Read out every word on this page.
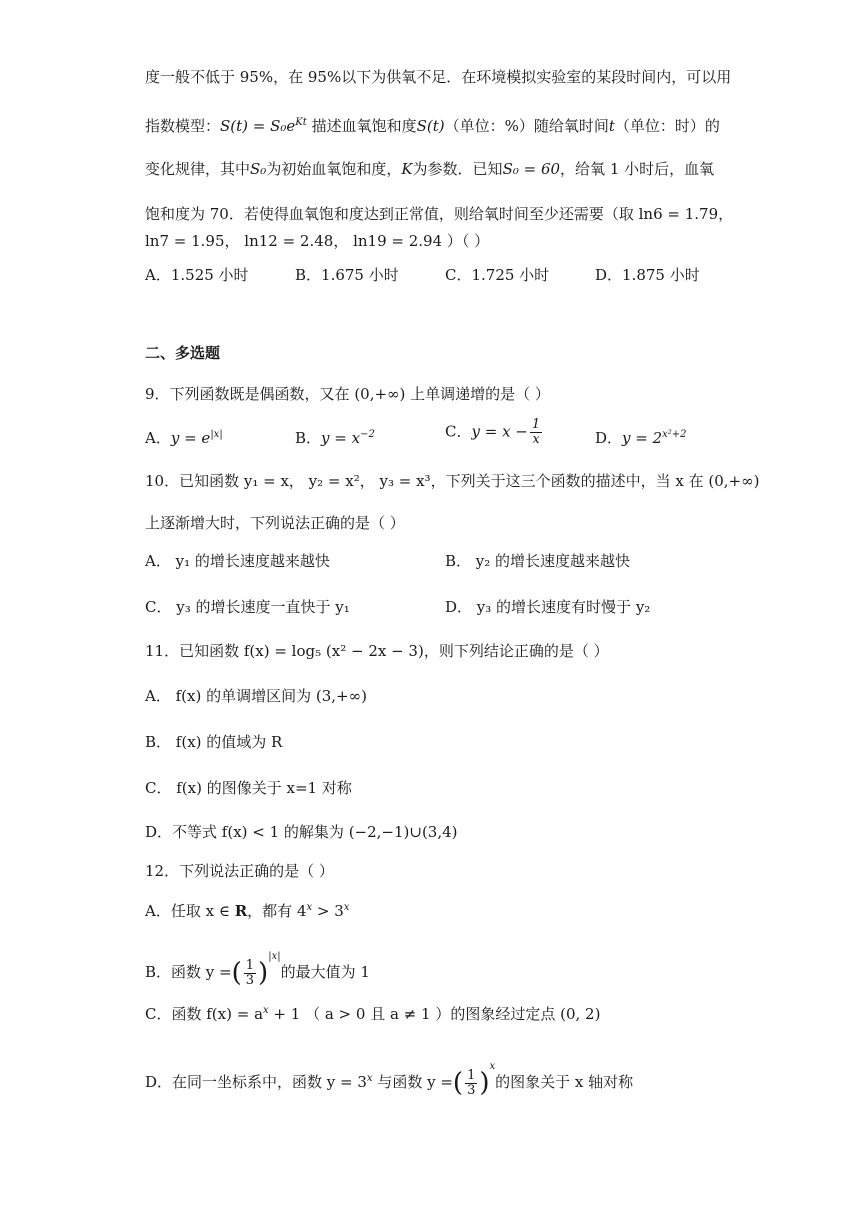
度一般不低于 95%，在 95%以下为供氧不足．在环境模拟实验室的某段时间内，可以用
指数模型：$S(t) = S_0e^{Kt}$ 描述血氧饱和度S(t)（单位：%）随给氧时间t（单位：时）的
变化规律，其中S₀为初始血氧饱和度，K为参数．已知S₀ = 60，给氧 1 小时后，血氧
饱和度为 70．若使得血氧饱和度达到正常值，则给氧时间至少还需要（取 ln6 = 1.79，
ln7 = 1.95， ln12 = 2.48， ln19 = 2.94 ）（ ）
A．1.525 小时	B．1.675 小时	C．1.725 小时	D．1.875 小时
二、多选题
9．下列函数既是偶函数，又在 (0,+∞) 上单调递增的是（ ）
A．$y = e^{|x|}$	B．$y = x^{-2}$	C．$y = x - \frac{1}{x}$	D．$y = 2^{x^2+2}$
10．已知函数 y₁ = x， y₂ = x²， y₃ = x³，下列关于这三个函数的描述中，当 x 在 (0,+∞)
上逐渐增大时，下列说法正确的是（ ）
A． y₁ 的增长速度越来越快	B． y₂ 的增长速度越来越快
C． y₃ 的增长速度一直快于 y₁	D． y₃ 的增长速度有时慢于 y₂
11．已知函数 f(x) = log₅ (x² − 2x − 3)，则下列结论正确的是（ ）
A． f(x) 的单调增区间为 (3,+∞)
B． f(x) 的值域为 R
C． f(x) 的图像关于 x=1 对称
D．不等式 f(x) < 1 的解集为 (−2,−1)∪(3,4)
12．下列说法正确的是（ ）
A．任取 x ∈ R，都有 $4^x > 3^x$
B．函数 y =( $\frac{1}{3} )^{|x|}$的最大值为 1
C．函数 $f(x) = a^x + 1$ （ a > 0 且 a ≠ 1 ）的图象经过定点 (0, 2)
D．在同一坐标系中，函数 $y = 3^x$ 与函数 y =( $\frac{1}{3} )^x$的图象关于 x 轴对称
